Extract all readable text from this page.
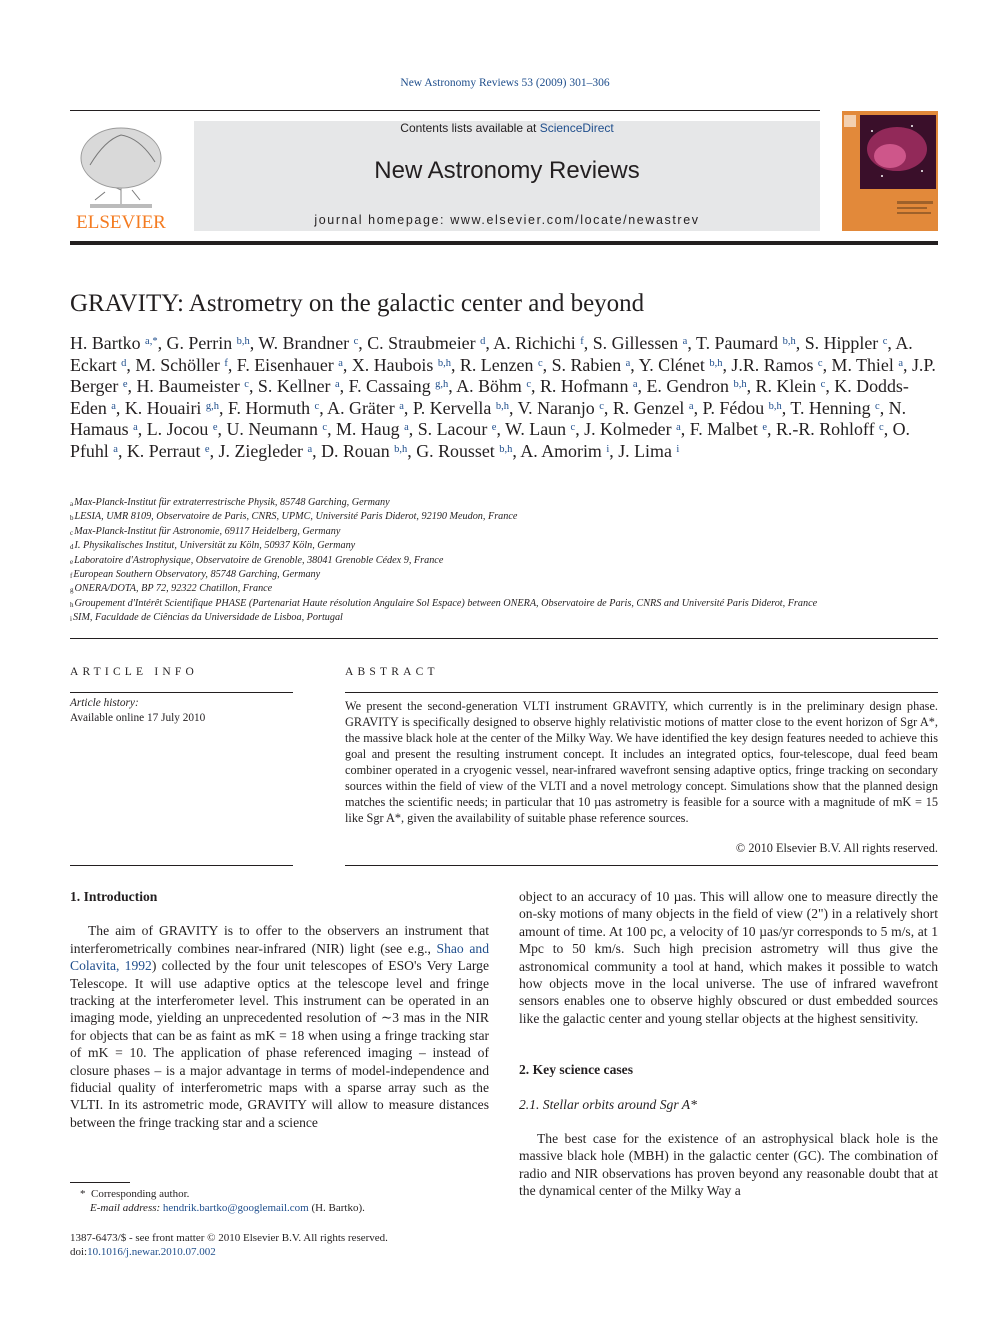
New Astronomy Reviews 53 (2009) 301–306
ELSEVIER
Contents lists available at ScienceDirect
New Astronomy Reviews
journal homepage: www.elsevier.com/locate/newastrev
GRAVITY: Astrometry on the galactic center and beyond
H. Bartko $^{a,*}$, G. Perrin $^{b,h}$, W. Brandner $^c$, C. Straubmeier $^d$, A. Richichi $^f$, S. Gillessen $^a$, T. Paumard $^{b,h}$, S. Hippler $^c$, A. Eckart $^d$, M. Schöller $^f$, F. Eisenhauer $^a$, X. Haubois $^{b,h}$, R. Lenzen $^c$, S. Rabien $^a$, Y. Clénet $^{b,h}$, J.R. Ramos $^c$, M. Thiel $^a$, J.P. Berger $^e$, H. Baumeister $^c$, S. Kellner $^a$, F. Cassaing $^{g,h}$, A. Böhm $^c$, R. Hofmann $^a$, E. Gendron $^{b,h}$, R. Klein $^c$, K. Dodds-Eden $^a$, K. Houairi $^{g,h}$, F. Hormuth $^c$, A. Gräter $^a$, P. Kervella $^{b,h}$, V. Naranjo $^c$, R. Genzel $^a$, P. Fédou $^{b,h}$, T. Henning $^c$, N. Hamaus $^a$, L. Jocou $^e$, U. Neumann $^c$, M. Haug $^a$, S. Lacour $^e$, W. Laun $^c$, J. Kolmeder $^a$, F. Malbet $^e$, R.-R. Rohloff $^c$, O. Pfuhl $^a$, K. Perraut $^e$, J. Ziegleder $^a$, D. Rouan $^{b,h}$, G. Rousset $^{b,h}$, A. Amorim $^i$, J. Lima $^i$
$^a$Max-Planck-Institut für extraterrestrische Physik, 85748 Garching, Germany
$^b$LESIA, UMR 8109, Observatoire de Paris, CNRS, UPMC, Université Paris Diderot, 92190 Meudon, France
$^c$Max-Planck-Institut für Astronomie, 69117 Heidelberg, Germany
$^d$I. Physikalisches Institut, Universität zu Köln, 50937 Köln, Germany
$^e$Laboratoire d'Astrophysique, Observatoire de Grenoble, 38041 Grenoble Cédex 9, France
$^f$European Southern Observatory, 85748 Garching, Germany
$^g$ONERA/DOTA, BP 72, 92322 Chatillon, France
$^h$Groupement d'Intérêt Scientifique PHASE (Partenariat Haute résolution Angulaire Sol Espace) between ONERA, Observatoire de Paris, CNRS and Université Paris Diderot, France
$^i$SIM, Faculdade de Ciências da Universidade de Lisboa, Portugal
ARTICLE INFO	ABSTRACT
Article history:
Available online 17 July 2010
We present the second-generation VLTI instrument GRAVITY, which currently is in the preliminary design phase. GRAVITY is specifically designed to observe highly relativistic motions of matter close to the event horizon of Sgr A*, the massive black hole at the center of the Milky Way. We have identified the key design features needed to achieve this goal and present the resulting instrument concept. It includes an integrated optics, four-telescope, dual feed beam combiner operated in a cryogenic vessel, near-infrared wavefront sensing adaptive optics, fringe tracking on secondary sources within the field of view of the VLTI and a novel metrology concept. Simulations show that the planned design matches the scientific needs; in particular that 10 µas astrometry is feasible for a source with a magnitude of mK = 15 like Sgr A*, given the availability of suitable phase reference sources.
© 2010 Elsevier B.V. All rights reserved.
1. Introduction

The aim of GRAVITY is to offer to the observers an instrument that interferometrically combines near-infrared (NIR) light (see e.g., Shao and Colavita, 1992) collected by the four unit telescopes of ESO's Very Large Telescope. It will use adaptive optics at the telescope level and fringe tracking at the interferometer level. This instrument can be operated in an imaging mode, yielding an unprecedented resolution of ∼3 mas in the NIR for objects that can be as faint as mK = 18 when using a fringe tracking star of mK = 10. The application of phase referenced imaging – instead of closure phases – is a major advantage in terms of model-independence and fiducial quality of interferometric maps with a sparse array such as the VLTI. In its astrometric mode, GRAVITY will allow to measure distances between the fringe tracking star and a science

object to an accuracy of 10 µas. This will allow one to measure directly the on-sky motions of many objects in the field of view (2") in a relatively short amount of time. At 100 pc, a velocity of 10 µas/yr corresponds to 5 m/s, at 1 Mpc to 50 km/s. Such high precision astrometry will thus give the astronomical community a tool at hand, which makes it possible to watch how objects move in the local universe. The use of infrared wavefront sensors enables one to observe highly obscured or dust embedded sources like the galactic center and young stellar objects at the highest sensitivity.
2. Key science cases
2.1. Stellar orbits around Sgr A*

The best case for the existence of an astrophysical black hole is the massive black hole (MBH) in the galactic center (GC). The combination of radio and NIR observations has proven beyond any reasonable doubt that at the dynamical center of the Milky Way a

* Corresponding author.
E-mail address: hendrik.bartko@googlemail.com (H. Bartko).
1387-6473/$ - see front matter © 2010 Elsevier B.V. All rights reserved.
doi:10.1016/j.newar.2010.07.002
